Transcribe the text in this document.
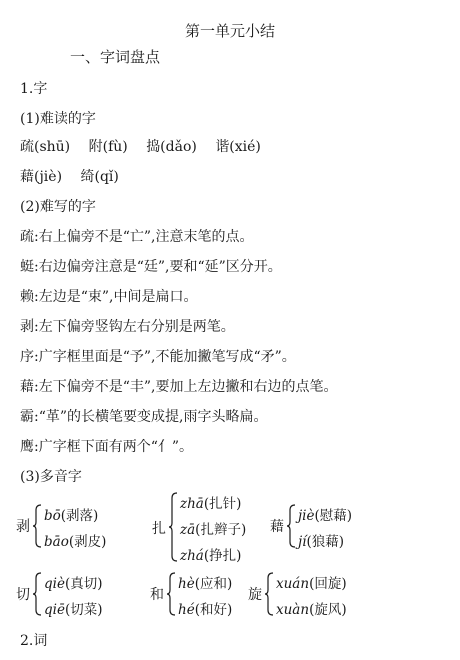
第一单元小结
一、字词盘点
1.字
(1)难读的字
疏(shū) 附(fù) 捣(dǎo) 谐(xié)
藉(jiè) 绮(qǐ)
(2)难写的字
疏:右上偏旁不是“亡”,注意末笔的点。
蜓:右边偏旁注意是“廷”,要和“延”区分开。
赖:左边是“束”,中间是扁口。
剥:左下偏旁竖钩左右分别是两笔。
序:广字框里面是“予”,不能加撇笔写成“矛”。
藉:左下偏旁不是“丰”,要加上左边撇和右边的点笔。
霸:“革”的长横笔要变成提,雨字头略扁。
鹰:广字框下面有两个“亻”。
(3)多音字
剥
bō(剥落)
bāo(剥皮)
扎
zhā(扎针)
zā(扎辫子)
zhá(挣扎)
藉
jiè(慰藉)
jí(狼藉)
切
qiè(真切)
qiē(切菜)
和
hè(应和)
hé(和好)
旋
xuán(回旋)
xuàn(旋风)
2.词
